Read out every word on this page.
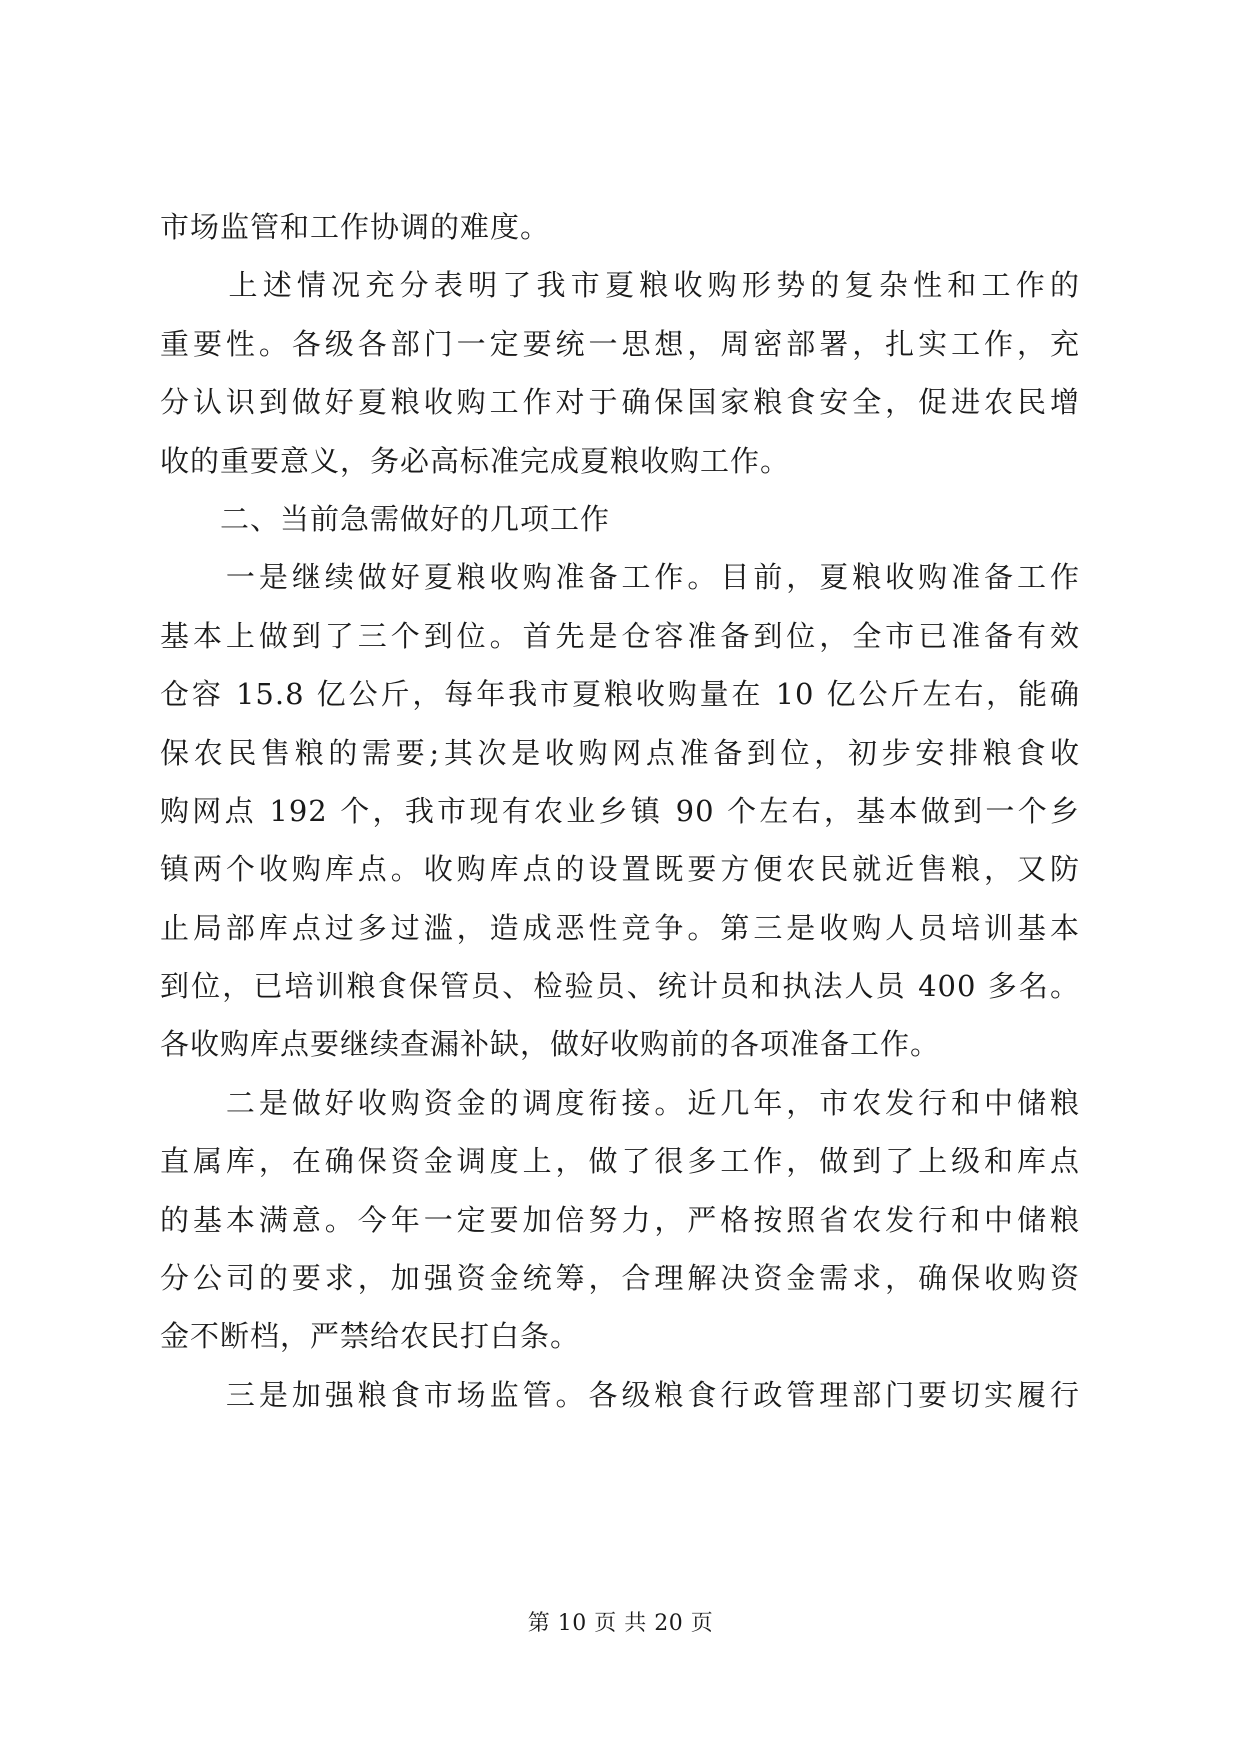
市场监管和工作协调的难度。
　　上述情况充分表明了我市夏粮收购形势的复杂性和工作的
重要性。各级各部门一定要统一思想，周密部署，扎实工作，充
分认识到做好夏粮收购工作对于确保国家粮食安全，促进农民增
收的重要意义，务必高标准完成夏粮收购工作。
　　二、当前急需做好的几项工作
　　一是继续做好夏粮收购准备工作。目前，夏粮收购准备工作
基本上做到了三个到位。首先是仓容准备到位，全市已准备有效
仓容 15.8 亿公斤，每年我市夏粮收购量在 10 亿公斤左右，能确
保农民售粮的需要;其次是收购网点准备到位，初步安排粮食收
购网点 192 个，我市现有农业乡镇 90 个左右，基本做到一个乡
镇两个收购库点。收购库点的设置既要方便农民就近售粮，又防
止局部库点过多过滥，造成恶性竞争。第三是收购人员培训基本
到位，已培训粮食保管员、检验员、统计员和执法人员 400 多名。
各收购库点要继续查漏补缺，做好收购前的各项准备工作。
　　二是做好收购资金的调度衔接。近几年，市农发行和中储粮
直属库，在确保资金调度上，做了很多工作，做到了上级和库点
的基本满意。今年一定要加倍努力，严格按照省农发行和中储粮
分公司的要求，加强资金统筹，合理解决资金需求，确保收购资
金不断档，严禁给农民打白条。
　　三是加强粮食市场监管。各级粮食行政管理部门要切实履行
第 10 页 共 20 页
